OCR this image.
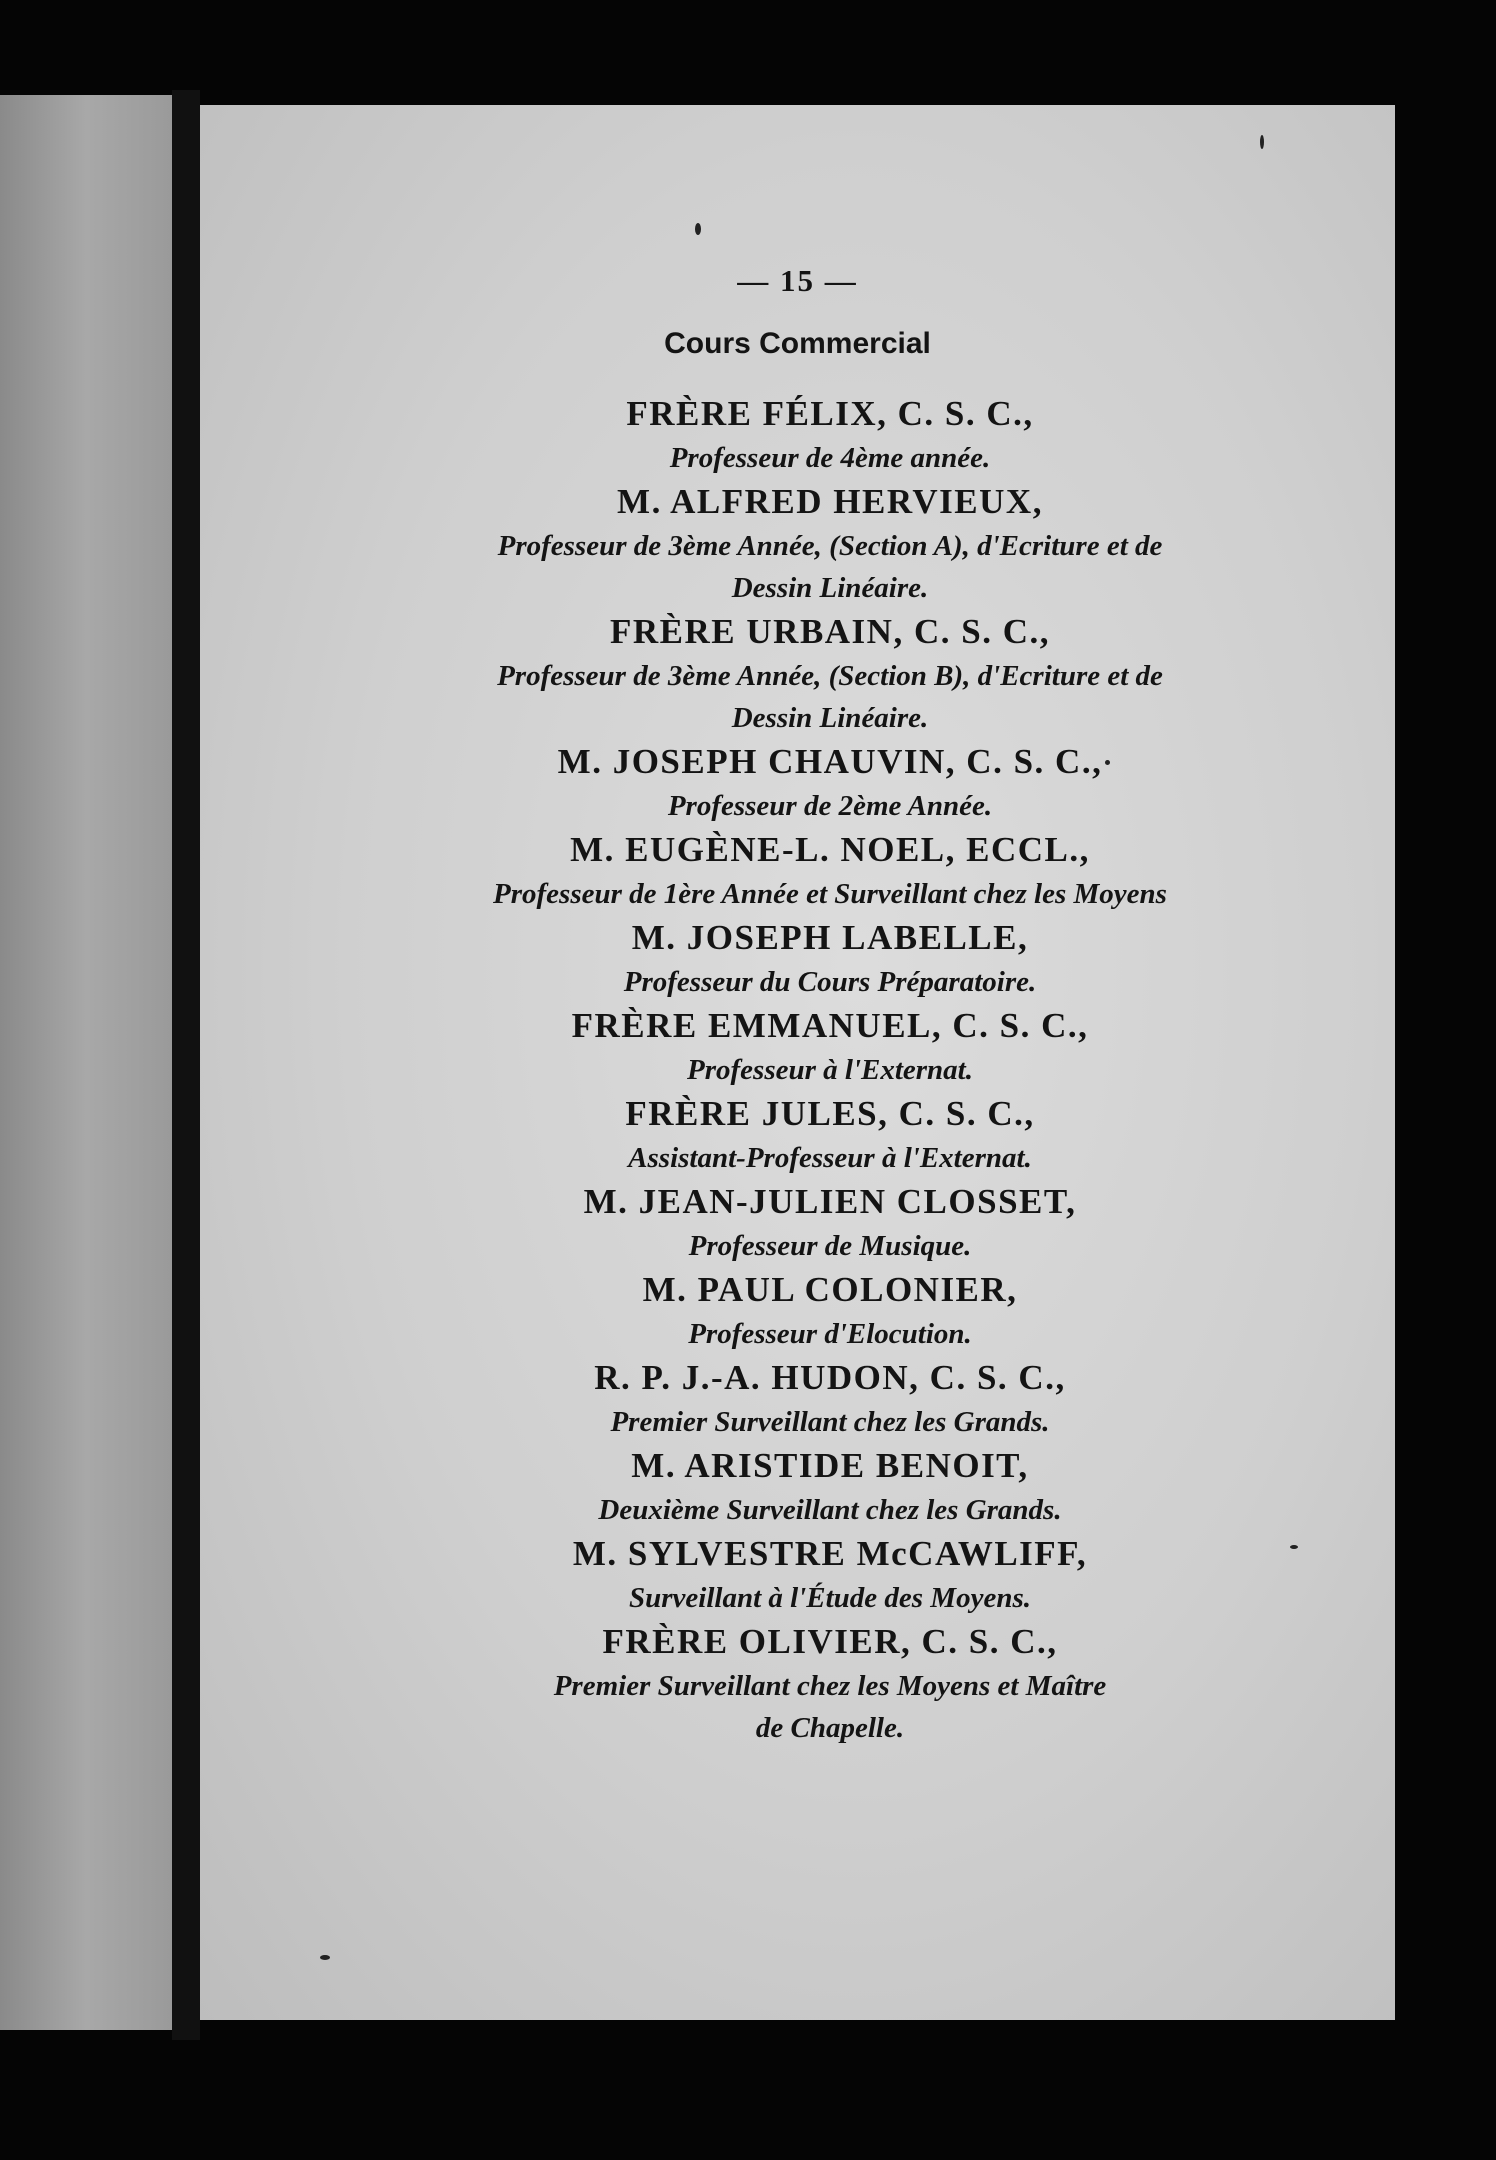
— 15 —
Cours Commercial
FRÈRE FÉLIX, C. S. C.,
Professeur de 4ème année.
M. ALFRED HERVIEUX,
Professeur de 3ème Année, (Section A), d'Ecriture et de
Dessin Linéaire.
FRÈRE URBAIN, C. S. C.,
Professeur de 3ème Année, (Section B), d'Ecriture et de
Dessin Linéaire.
M. JOSEPH CHAUVIN, C. S. C.,
Professeur de 2ème Année.
M. EUGÈNE-L. NOEL, ECCL.,
Professeur de 1ère Année et Surveillant chez les Moyens
M. JOSEPH LABELLE,
Professeur du Cours Préparatoire.
FRÈRE EMMANUEL, C. S. C.,
Professeur à l'Externat.
FRÈRE JULES, C. S. C.,
Assistant-Professeur à l'Externat.
M. JEAN-JULIEN CLOSSET,
Professeur de Musique.
M. PAUL COLONIER,
Professeur d'Elocution.
R. P. J.-A. HUDON, C. S. C.,
Premier Surveillant chez les Grands.
M. ARISTIDE BENOIT,
Deuxième Surveillant chez les Grands.
M. SYLVESTRE McCAWLIFF,
Surveillant à l'Étude des Moyens.
FRÈRE OLIVIER, C. S. C.,
Premier Surveillant chez les Moyens et Maître
de Chapelle.
